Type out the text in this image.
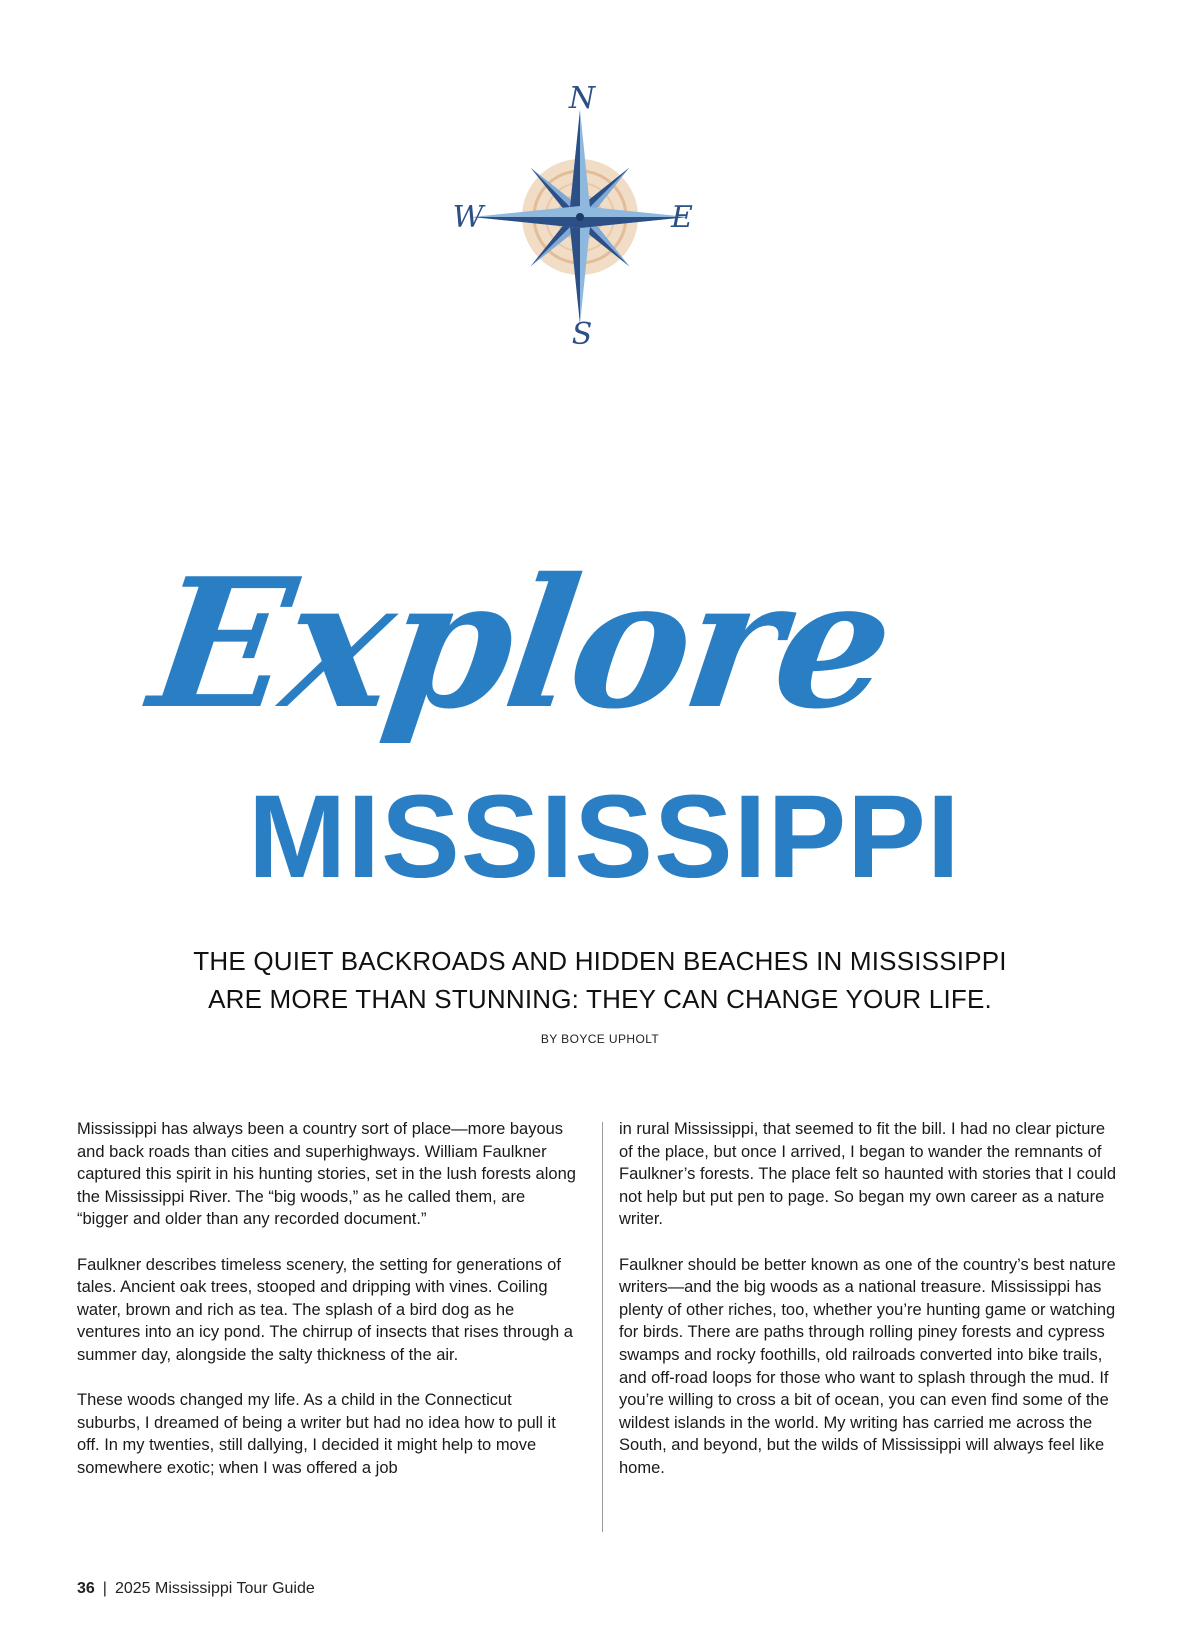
N
S
W	E
Explore
MISSISSIPPI
THE QUIET BACKROADS AND HIDDEN BEACHES IN MISSISSIPPI
ARE MORE THAN STUNNING: THEY CAN CHANGE YOUR LIFE.
BY BOYCE UPHOLT

Mississippi has always been a country sort of place—more bayous and back roads than cities and superhighways. William Faulkner captured this spirit in his hunting stories, set in the lush forests along the Mississippi River. The “big woods,” as he called them, are “bigger and older than any recorded document.”

Faulkner describes timeless scenery, the setting for generations of tales. Ancient oak trees, stooped and dripping with vines. Coiling water, brown and rich as tea. The splash of a bird dog as he ventures into an icy pond. The chirrup of insects that rises through a summer day, alongside the salty thickness of the air.

These woods changed my life. As a child in the Connecticut suburbs, I dreamed of being a writer but had no idea how to pull it off. In my twenties, still dallying, I decided it might help to move somewhere exotic; when I was offered a job

in rural Mississippi, that seemed to fit the bill. I had no clear picture of the place, but once I arrived, I began to wander the remnants of Faulkner’s forests. The place felt so haunted with stories that I could not help but put pen to page. So began my own career as a nature writer.

Faulkner should be better known as one of the country’s best nature writers—and the big woods as a national treasure. Mississippi has plenty of other riches, too, whether you’re hunting game or watching for birds. There are paths through rolling piney forests and cypress swamps and rocky foothills, old railroads converted into bike trails, and off-road loops for those who want to splash through the mud. If you’re willing to cross a bit of ocean, you can even find some of the wildest islands in the world. My writing has carried me across the South, and beyond, but the wilds of Mississippi will always feel like home.

36 | 2025 Mississippi Tour Guide
